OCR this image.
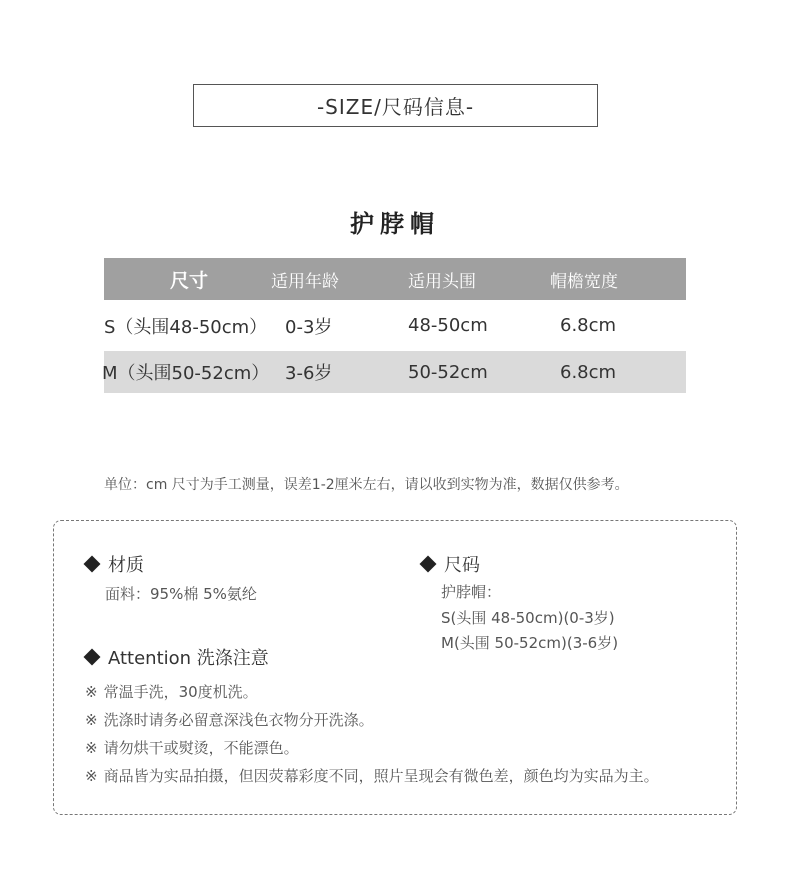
-SIZE/尺码信息-
护脖帽
尺寸	适用年龄	适用头围	帽檐宽度
S（头围48-50cm） 0-3岁	48-50cm	6.8cm
M（头围50-52cm） 3-6岁	50-52cm	6.8cm
单位：cm 尺寸为手工测量，误差1-2厘米左右，请以收到实物为准，数据仅供参考。
材质
面料：95%棉 5%氨纶
尺码
护脖帽：
S(头围 48-50cm)(0-3岁)
M(头围 50-52cm)(3-6岁)
Attention 洗涤注意
※ 常温手洗，30度机洗。
※ 洗涤时请务必留意深浅色衣物分开洗涤。
※ 请勿烘干或熨烫，不能漂色。
※ 商品皆为实品拍摄，但因荧幕彩度不同，照片呈现会有微色差，颜色均为实品为主。
